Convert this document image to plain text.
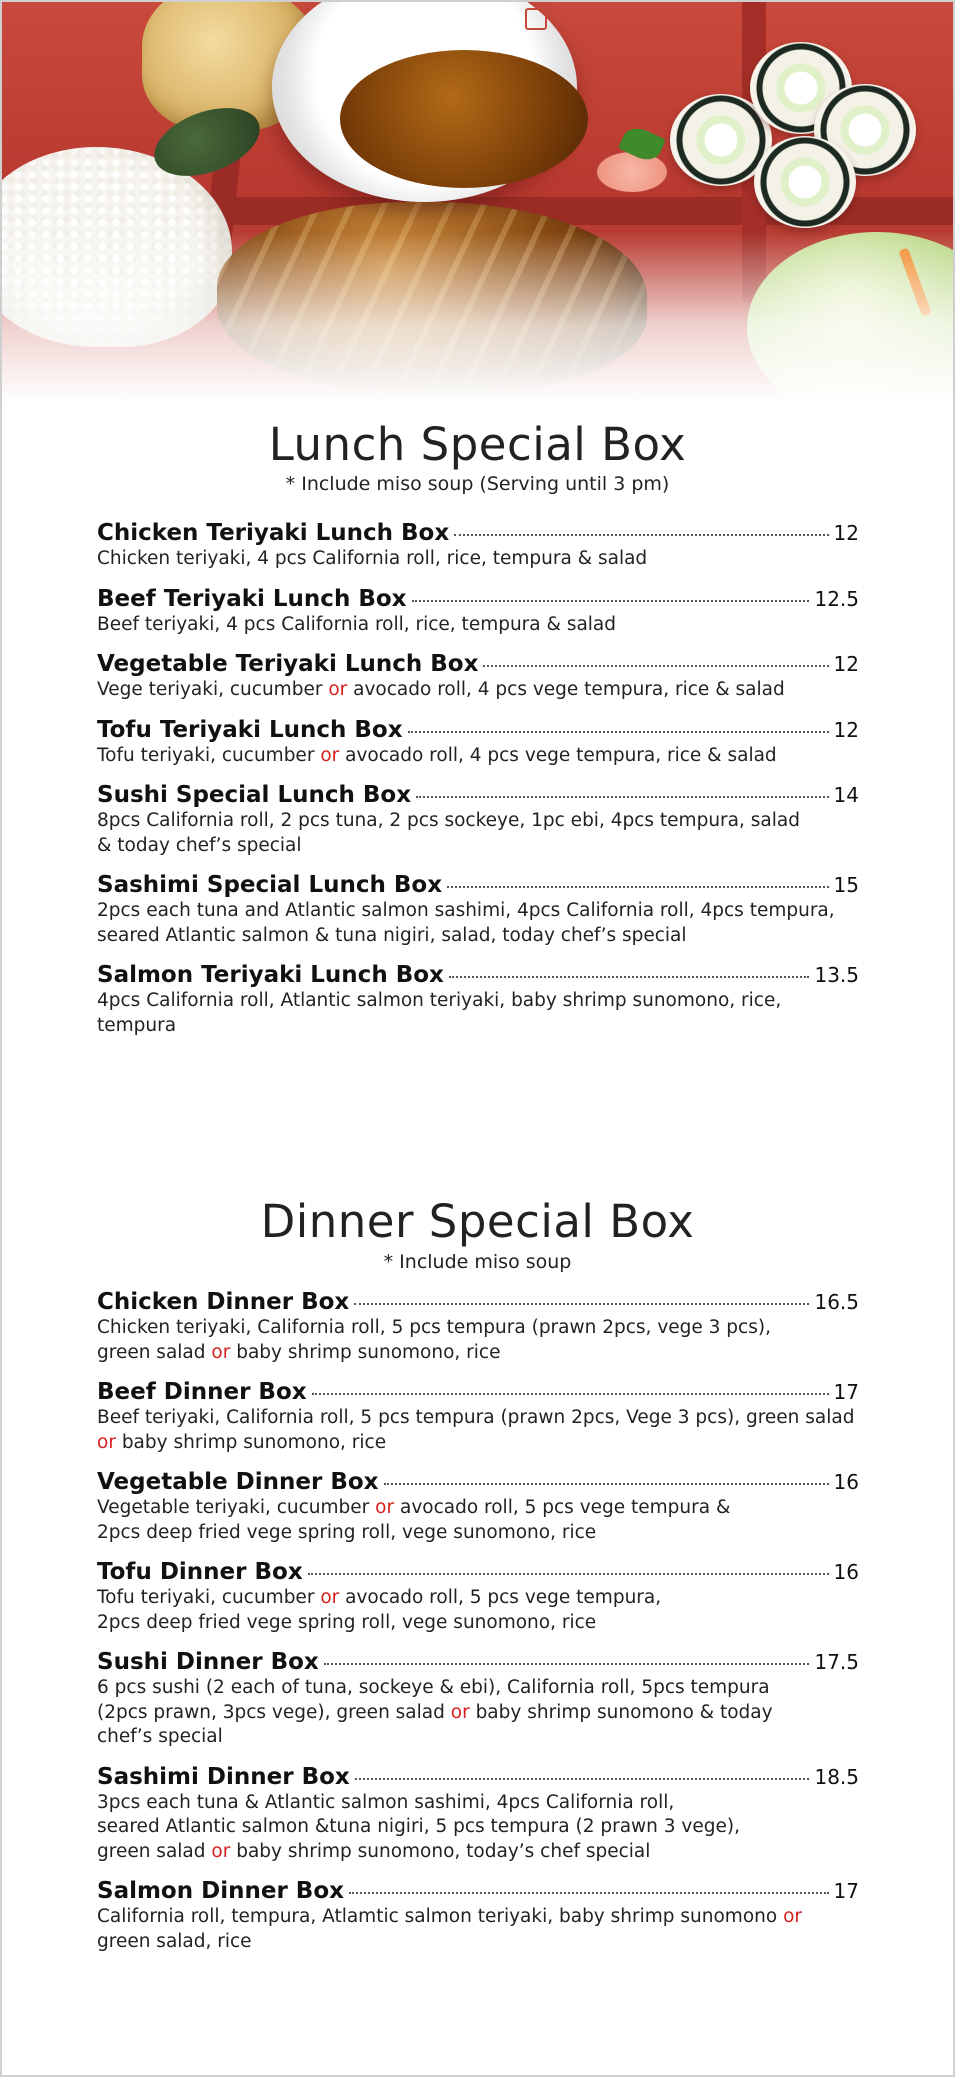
Lunch Special Box
* Include miso soup (Serving until 3 pm)
Chicken Teriyaki Lunch Box	12
Chicken teriyaki, 4 pcs California roll, rice, tempura & salad
Beef Teriyaki Lunch Box	12.5
Beef teriyaki, 4 pcs California roll, rice, tempura & salad
Vegetable Teriyaki Lunch Box	12
Vege teriyaki, cucumber or avocado roll, 4 pcs vege tempura, rice & salad
Tofu Teriyaki Lunch Box	12
Tofu teriyaki, cucumber or avocado roll, 4 pcs vege tempura, rice & salad
Sushi Special Lunch Box	14
8pcs California roll, 2 pcs tuna, 2 pcs sockeye, 1pc ebi, 4pcs tempura, salad
& today chef’s special
Sashimi Special Lunch Box	15
2pcs each tuna and Atlantic salmon sashimi, 4pcs California roll, 4pcs tempura,
seared Atlantic salmon & tuna nigiri, salad, today chef’s special
Salmon Teriyaki Lunch Box	13.5
4pcs California roll, Atlantic salmon teriyaki, baby shrimp sunomono, rice, tempura
Dinner Special Box
* Include miso soup
Chicken Dinner Box	16.5
Chicken teriyaki, California roll, 5 pcs tempura (prawn 2pcs, vege 3 pcs),
green salad or baby shrimp sunomono, rice
Beef Dinner Box	17
Beef teriyaki, California roll, 5 pcs tempura (prawn 2pcs, Vege 3 pcs), green salad
or baby shrimp sunomono, rice
Vegetable Dinner Box	16
Vegetable teriyaki, cucumber or avocado roll, 5 pcs vege tempura &
2pcs deep fried vege spring roll, vege sunomono, rice
Tofu Dinner Box	16
Tofu teriyaki, cucumber or avocado roll, 5 pcs vege tempura,
2pcs deep fried vege spring roll, vege sunomono, rice
Sushi Dinner Box	17.5
6 pcs sushi (2 each of tuna, sockeye & ebi), California roll, 5pcs tempura
(2pcs prawn, 3pcs vege), green salad or baby shrimp sunomono & today
chef’s special
Sashimi Dinner Box	18.5
3pcs each tuna & Atlantic salmon sashimi, 4pcs California roll,
seared Atlantic salmon &tuna nigiri, 5 pcs tempura (2 prawn 3 vege),
green salad or baby shrimp sunomono, today’s chef special
Salmon Dinner Box	17
California roll, tempura, Atlamtic salmon teriyaki, baby shrimp sunomono or
green salad, rice
